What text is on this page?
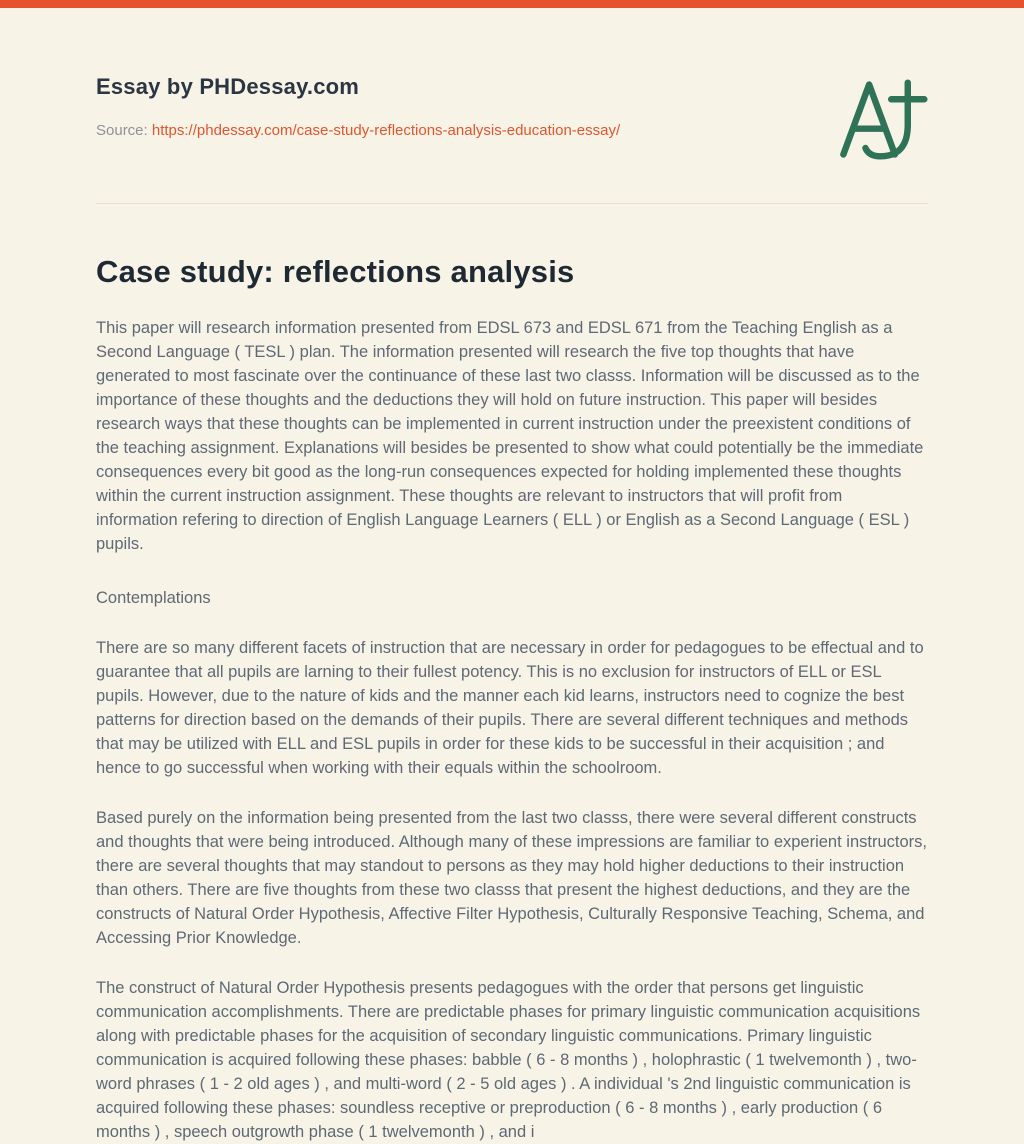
Essay by PHDessay.com
Source: https://phdessay.com/case-study-reflections-analysis-education-essay/
Case study: reflections analysis

This paper will research information presented from EDSL 673 and EDSL 671 from the Teaching English as a Second Language ( TESL ) plan. The information presented will research the five top thoughts that have generated to most fascinate over the continuance of these last two classs. Information will be discussed as to the importance of these thoughts and the deductions they will hold on future instruction. This paper will besides research ways that these thoughts can be implemented in current instruction under the preexistent conditions of the teaching assignment. Explanations will besides be presented to show what could potentially be the immediate consequences every bit good as the long-run consequences expected for holding implemented these thoughts within the current instruction assignment. These thoughts are relevant to instructors that will profit from information refering to direction of English Language Learners ( ELL ) or English as a Second Language ( ESL ) pupils.

Contemplations

There are so many different facets of instruction that are necessary in order for pedagogues to be effectual and to guarantee that all pupils are larning to their fullest potency. This is no exclusion for instructors of ELL or ESL pupils. However, due to the nature of kids and the manner each kid learns, instructors need to cognize the best patterns for direction based on the demands of their pupils. There are several different techniques and methods that may be utilized with ELL and ESL pupils in order for these kids to be successful in their acquisition ; and hence to go successful when working with their equals within the schoolroom.

Based purely on the information being presented from the last two classs, there were several different constructs and thoughts that were being introduced. Although many of these impressions are familiar to experient instructors, there are several thoughts that may standout to persons as they may hold higher deductions to their instruction than others. There are five thoughts from these two classs that present the highest deductions, and they are the constructs of Natural Order Hypothesis, Affective Filter Hypothesis, Culturally Responsive Teaching, Schema, and Accessing Prior Knowledge.

The construct of Natural Order Hypothesis presents pedagogues with the order that persons get linguistic communication accomplishments. There are predictable phases for primary linguistic communication acquisitions along with predictable phases for the acquisition of secondary linguistic communications. Primary linguistic communication is acquired following these phases: babble ( 6 - 8 months ) , holophrastic ( 1 twelvemonth ) , two-word phrases ( 1 - 2 old ages ) , and multi-word ( 2 - 5 old ages ) . A individual 's 2nd linguistic communication is acquired following these phases: soundless receptive or preproduction ( 6 - 8 months ) , early production ( 6 months ) , speech outgrowth phase ( 1 twelvemonth ) , and i
